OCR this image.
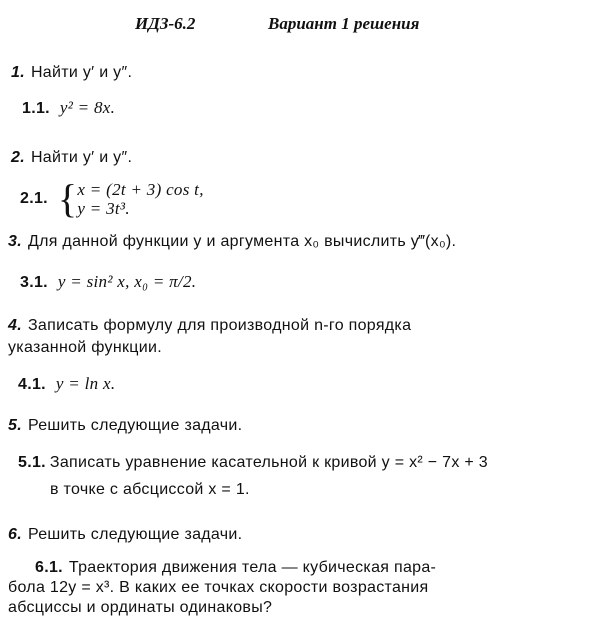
ИДЗ-6.2	Вариант 1 решения
1. Найти y′ и y″.
1.1. y² = 8x.
2. Найти y′ и y″.
2.1. { x = (2t + 3) cos t,
y = 3t³.
3. Для данной функции y и аргумента x₀ вычислить y‴(x₀).
3.1. y = sin² x, x₀ = π/2.
4. Записать формулу для производной n-го порядка
указанной функции.
4.1. y = ln x.
5. Решить следующие задачи.
5.1. Записать уравнение касательной к кривой y = x² − 7x + 3
в точке с абсциссой x = 1.
6. Решить следующие задачи.
6.1. Траектория движения тела — кубическая пара-
бола 12y = x³. В каких ее точках скорости возрастания
абсциссы и ординаты одинаковы?
